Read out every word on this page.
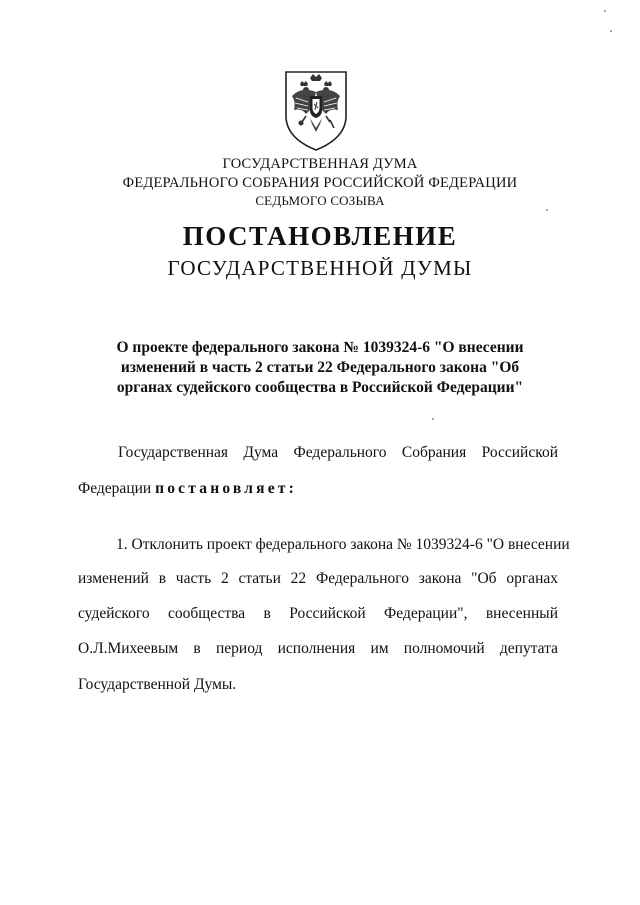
ГОСУДАРСТВЕННАЯ ДУМА
ФЕДЕРАЛЬНОГО СОБРАНИЯ РОССИЙСКОЙ ФЕДЕРАЦИИ
СЕДЬМОГО СОЗЫВА
ПОСТАНОВЛЕНИЕ
ГОСУДАРСТВЕННОЙ ДУМЫ
О проекте федерального закона № 1039324-6 "О внесении
изменений в часть 2 статьи 22 Федерального закона "Об
органах судейского сообщества в Российской Федерации"
Государственная Дума Федерального Собрания Российской
Федерации постановляет:
1. Отклонить проект федерального закона № 1039324-6 "О внесении
изменений в часть 2 статьи 22 Федерального закона "Об органах
судейского сообщества в Российской Федерации", внесенный
О.Л.Михеевым в период исполнения им полномочий депутата
Государственной Думы.
